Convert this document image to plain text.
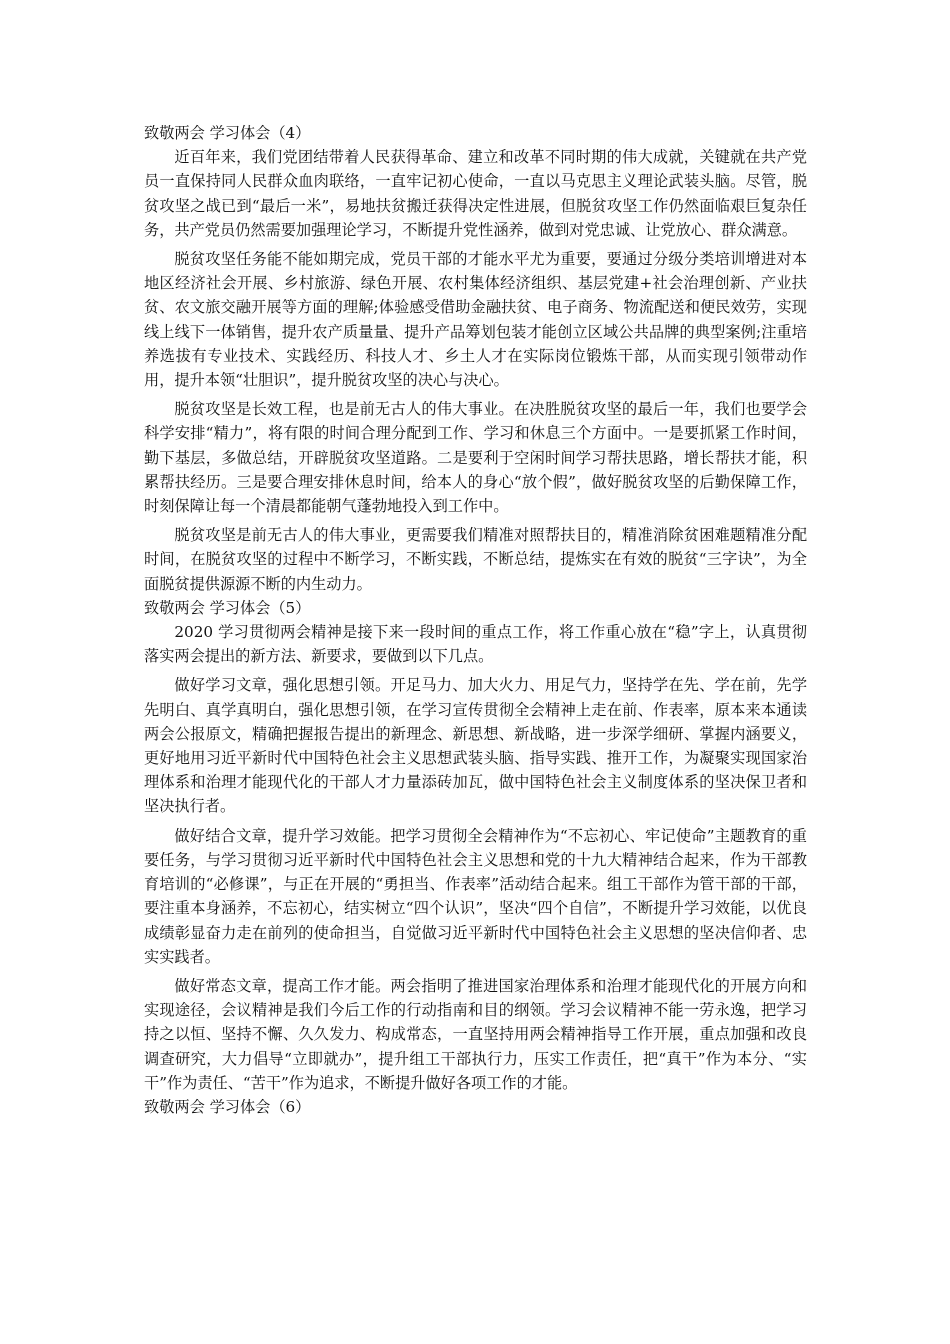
致敬两会 学习体会（4）

近百年来，我们党团结带着人民获得革命、建立和改革不同时期的伟大成就，关键就在共产党员一直保持同人民群众血肉联络，一直牢记初心使命，一直以马克思主义理论武装头脑。尽管，脱贫攻坚之战已到“最后一米”，易地扶贫搬迁获得决定性进展，但脱贫攻坚工作仍然面临艰巨复杂任务，共产党员仍然需要加强理论学习，不断提升党性涵养，做到对党忠诚、让党放心、群众满意。

脱贫攻坚任务能不能如期完成，党员干部的才能水平尤为重要，要通过分级分类培训增进对本地区经济社会开展、乡村旅游、绿色开展、农村集体经济组织、基层党建+社会治理创新、产业扶贫、农文旅交融开展等方面的理解;体验感受借助金融扶贫、电子商务、物流配送和便民效劳，实现线上线下一体销售，提升农产质量量、提升产品筹划包装才能创立区域公共品牌的典型案例;注重培养选拔有专业技术、实践经历、科技人才、乡土人才在实际岗位锻炼干部，从而实现引领带动作用，提升本领“壮胆识”，提升脱贫攻坚的决心与决心。

脱贫攻坚是长效工程，也是前无古人的伟大事业。在决胜脱贫攻坚的最后一年，我们也要学会科学安排“精力”，将有限的时间合理分配到工作、学习和休息三个方面中。一是要抓紧工作时间，勤下基层，多做总结，开辟脱贫攻坚道路。二是要利于空闲时间学习帮扶思路，增长帮扶才能，积累帮扶经历。三是要合理安排休息时间，给本人的身心“放个假”，做好脱贫攻坚的后勤保障工作，时刻保障让每一个清晨都能朝气蓬勃地投入到工作中。

脱贫攻坚是前无古人的伟大事业，更需要我们精准对照帮扶目的，精准消除贫困难题精准分配时间，在脱贫攻坚的过程中不断学习，不断实践，不断总结，提炼实在有效的脱贫“三字诀”，为全面脱贫提供源源不断的内生动力。

致敬两会 学习体会（5）

2020 学习贯彻两会精神是接下来一段时间的重点工作，将工作重心放在“稳”字上，认真贯彻落实两会提出的新方法、新要求，要做到以下几点。

做好学习文章，强化思想引领。开足马力、加大火力、用足气力，坚持学在先、学在前，先学先明白、真学真明白，强化思想引领，在学习宣传贯彻全会精神上走在前、作表率，原本来本通读两会公报原文，精确把握报告提出的新理念、新思想、新战略，进一步深学细研、掌握内涵要义，更好地用习近平新时代中国特色社会主义思想武装头脑、指导实践、推开工作，为凝聚实现国家治理体系和治理才能现代化的干部人才力量添砖加瓦，做中国特色社会主义制度体系的坚决保卫者和坚决执行者。

做好结合文章，提升学习效能。把学习贯彻全会精神作为“不忘初心、牢记使命”主题教育的重要任务，与学习贯彻习近平新时代中国特色社会主义思想和党的十九大精神结合起来，作为干部教育培训的“必修课”，与正在开展的“勇担当、作表率”活动结合起来。组工干部作为管干部的干部，要注重本身涵养，不忘初心，结实树立“四个认识”，坚决“四个自信”，不断提升学习效能，以优良成绩彰显奋力走在前列的使命担当，自觉做习近平新时代中国特色社会主义思想的坚决信仰者、忠实实践者。

做好常态文章，提高工作才能。两会指明了推进国家治理体系和治理才能现代化的开展方向和实现途径，会议精神是我们今后工作的行动指南和目的纲领。学习会议精神不能一劳永逸，把学习持之以恒、坚持不懈、久久发力、构成常态，一直坚持用两会精神指导工作开展，重点加强和改良调查研究，大力倡导“立即就办”，提升组工干部执行力，压实工作责任，把“真干”作为本分、“实干”作为责任、“苦干”作为追求，不断提升做好各项工作的才能。

致敬两会 学习体会（6）
